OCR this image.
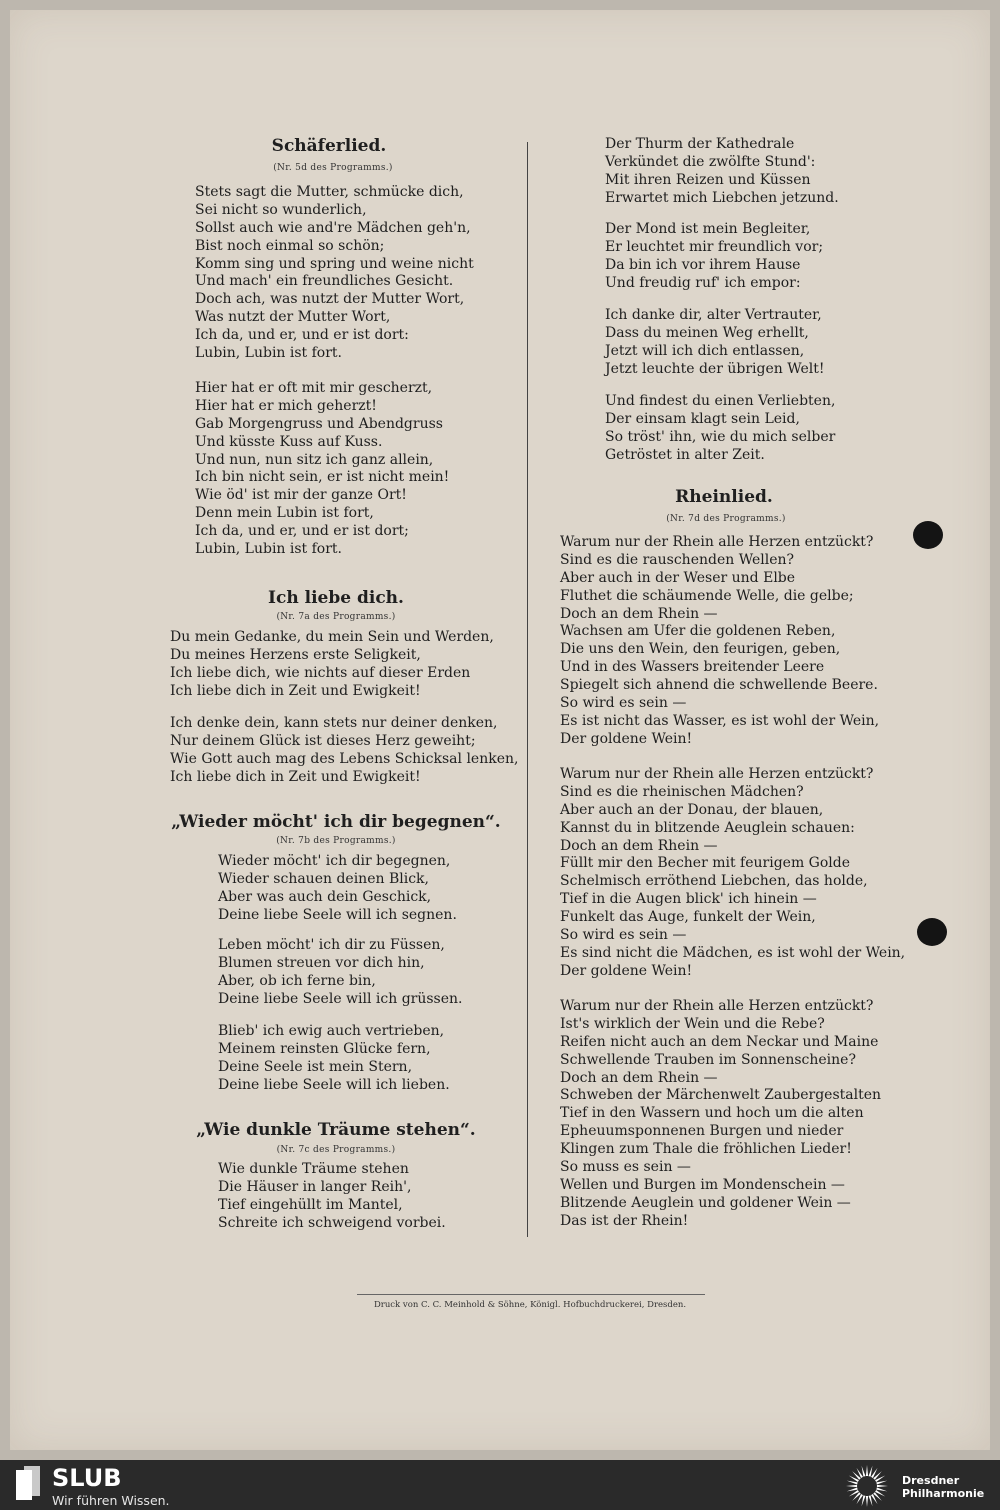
Schäferlied.
(Nr. 5d des Programms.)
Stets sagt die Mutter, schmücke dich,
Sei nicht so wunderlich,
Sollst auch wie and're Mädchen geh'n,
Bist noch einmal so schön;
Komm sing und spring und weine nicht
Und mach' ein freundliches Gesicht.
Doch ach, was nutzt der Mutter Wort,
Was nutzt der Mutter Wort,
Ich da, und er, und er ist dort:
Lubin, Lubin ist fort.
Hier hat er oft mit mir gescherzt,
Hier hat er mich geherzt!
Gab Morgengruss und Abendgruss
Und küsste Kuss auf Kuss.
Und nun, nun sitz ich ganz allein,
Ich bin nicht sein, er ist nicht mein!
Wie öd' ist mir der ganze Ort!
Denn mein Lubin ist fort,
Ich da, und er, und er ist dort;
Lubin, Lubin ist fort.
Ich liebe dich.
(Nr. 7a des Programms.)
Du mein Gedanke, du mein Sein und Werden,
Du meines Herzens erste Seligkeit,
Ich liebe dich, wie nichts auf dieser Erden
Ich liebe dich in Zeit und Ewigkeit!
Ich denke dein, kann stets nur deiner denken,
Nur deinem Glück ist dieses Herz geweiht;
Wie Gott auch mag des Lebens Schicksal lenken,
Ich liebe dich in Zeit und Ewigkeit!
„Wieder möcht' ich dir begegnen“.
(Nr. 7b des Programms.)
Wieder möcht' ich dir begegnen,
Wieder schauen deinen Blick,
Aber was auch dein Geschick,
Deine liebe Seele will ich segnen.
Leben möcht' ich dir zu Füssen,
Blumen streuen vor dich hin,
Aber, ob ich ferne bin,
Deine liebe Seele will ich grüssen.
Blieb' ich ewig auch vertrieben,
Meinem reinsten Glücke fern,
Deine Seele ist mein Stern,
Deine liebe Seele will ich lieben.
„Wie dunkle Träume stehen“.
(Nr. 7c des Programms.)
Wie dunkle Träume stehen
Die Häuser in langer Reih',
Tief eingehüllt im Mantel,
Schreite ich schweigend vorbei.
Der Thurm der Kathedrale
Verkündet die zwölfte Stund':
Mit ihren Reizen und Küssen
Erwartet mich Liebchen jetzund.
Der Mond ist mein Begleiter,
Er leuchtet mir freundlich vor;
Da bin ich vor ihrem Hause
Und freudig ruf' ich empor:
Ich danke dir, alter Vertrauter,
Dass du meinen Weg erhellt,
Jetzt will ich dich entlassen,
Jetzt leuchte der übrigen Welt!
Und findest du einen Verliebten,
Der einsam klagt sein Leid,
So tröst' ihn, wie du mich selber
Getröstet in alter Zeit.
Rheinlied.
(Nr. 7d des Programms.)
Warum nur der Rhein alle Herzen entzückt?
Sind es die rauschenden Wellen?
Aber auch in der Weser und Elbe
Fluthet die schäumende Welle, die gelbe;
Doch an dem Rhein —
Wachsen am Ufer die goldenen Reben,
Die uns den Wein, den feurigen, geben,
Und in des Wassers breitender Leere
Spiegelt sich ahnend die schwellende Beere.
So wird es sein —
Es ist nicht das Wasser, es ist wohl der Wein,
Der goldene Wein!
Warum nur der Rhein alle Herzen entzückt?
Sind es die rheinischen Mädchen?
Aber auch an der Donau, der blauen,
Kannst du in blitzende Aeuglein schauen:
Doch an dem Rhein —
Füllt mir den Becher mit feurigem Golde
Schelmisch erröthend Liebchen, das holde,
Tief in die Augen blick' ich hinein —
Funkelt das Auge, funkelt der Wein,
So wird es sein —
Es sind nicht die Mädchen, es ist wohl der Wein,
Der goldene Wein!
Warum nur der Rhein alle Herzen entzückt?
Ist's wirklich der Wein und die Rebe?
Reifen nicht auch an dem Neckar und Maine
Schwellende Trauben im Sonnenscheine?
Doch an dem Rhein —
Schweben der Märchenwelt Zaubergestalten
Tief in den Wassern und hoch um die alten
Epheuumsponnenen Burgen und nieder
Klingen zum Thale die fröhlichen Lieder!
So muss es sein —
Wellen und Burgen im Mondenschein —
Blitzende Aeuglein und goldener Wein —
Das ist der Rhein!
Druck von C. C. Meinhold & Söhne, Königl. Hofbuchdruckerei, Dresden.
SLUB
Wir führen Wissen.
Dresdner
Philharmonie
